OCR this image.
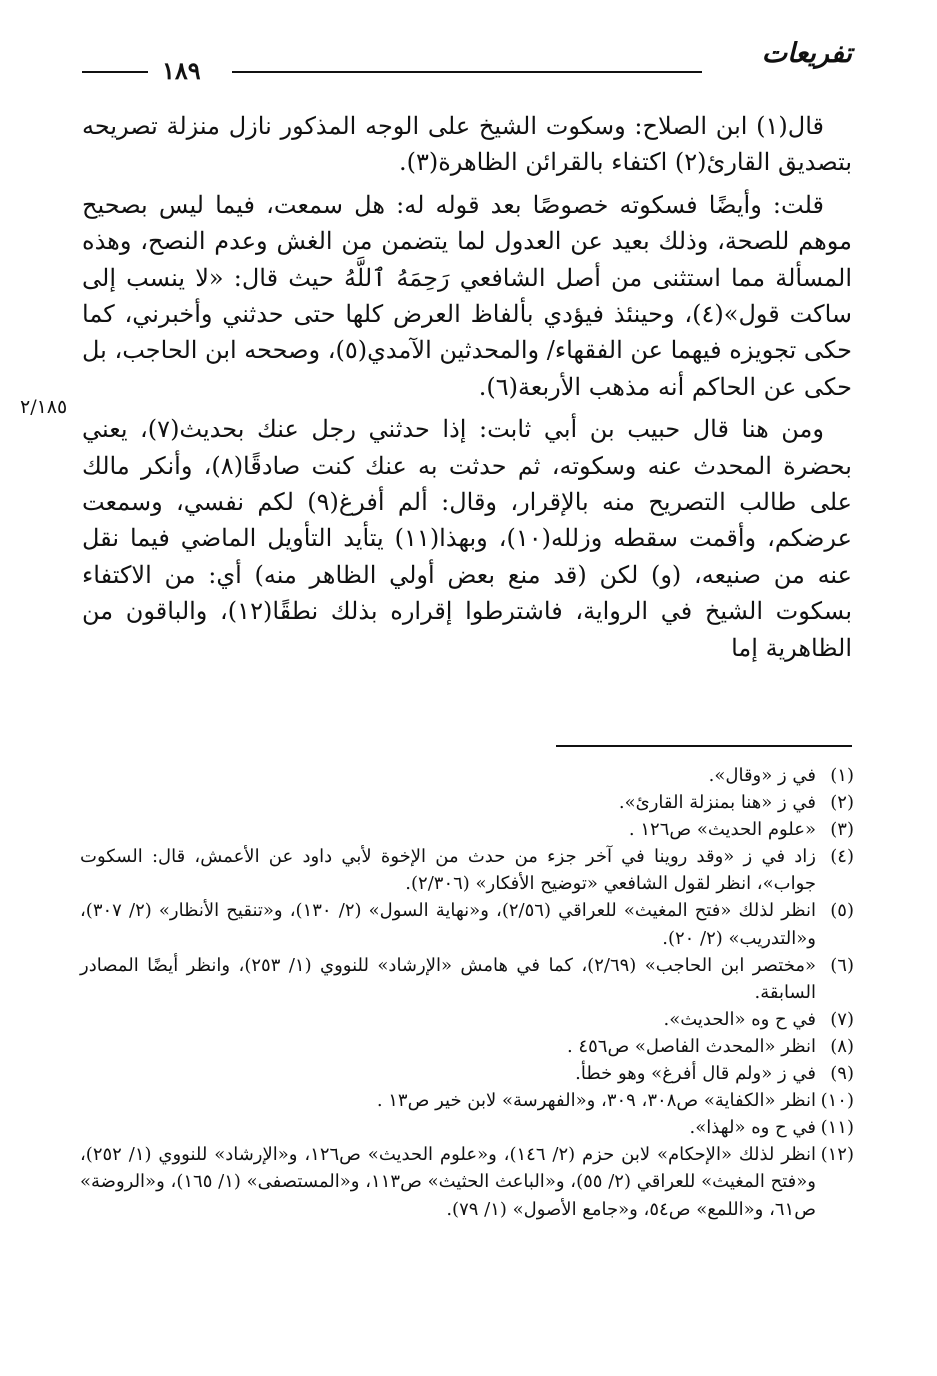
تفريعات
١٨٩

قال(١) ابن الصلاح: وسكوت الشيخ على الوجه المذكور نازل منزلة تصريحه بتصديق القارئ(٢) اكتفاء بالقرائن الظاهرة(٣).

قلت: وأيضًا فسكوته خصوصًا بعد قوله له: هل سمعت، فيما ليس بصحيح موهم للصحة، وذلك بعيد عن العدول لما يتضمن من الغش وعدم النصح، وهذه المسألة مما استثنى من أصل الشافعي رَحِمَهُ ٱللَّهُ حيث قال: «لا ينسب إلى ساكت قول»(٤)، وحينئذ فيؤدي بألفاظ العرض كلها حتى حدثني وأخبرني، كما حكى تجويزه فيهما عن الفقهاء/ والمحدثين الآمدي(٥)، وصححه ابن الحاجب، بل حكى عن الحاكم أنه مذهب الأربعة(٦).

ومن هنا قال حبيب بن أبي ثابت: إذا حدثني رجل عنك بحديث(٧)، يعني بحضرة المحدث عنه وسكوته، ثم حدثت به عنك كنت صادقًا(٨)، وأنكر مالك على طالب التصريح منه بالإقرار، وقال: ألم أفرغ(٩) لكم نفسي، وسمعت عرضكم، وأقمت سقطه وزلله(١٠)، وبهذا(١١) يتأيد التأويل الماضي فيما نقل عنه من صنيعه، (و) لكن (قد منع بعض أولي الظاهر منه) أي: من الاكتفاء بسكوت الشيخ في الرواية، فاشترطوا إقراره بذلك نطقًا(١٢)، والباقون من الظاهرية إما

٢/١٨٥
(١)في ز «وقال».
(٢)في ز «هنا بمنزلة القارئ».
(٣)«علوم الحديث» ص١٢٦ .
(٤)زاد في ز «وقد روينا في آخر جزء من حدث من الإخوة لأبي داود عن الأعمش، قال: السكوت جواب»، انظر لقول الشافعي «توضيح الأفكار» (٢/٣٠٦).
(٥)انظر لذلك «فتح المغيث» للعراقي (٢/٥٦)، و«نهاية السول» (٢/ ١٣٠)، و«تنقيح الأنظار» (٢/ ٣٠٧)، و«التدريب» (٢/ ٢٠).
(٦)«مختصر ابن الحاجب» (٢/٦٩)، كما في هامش «الإرشاد» للنووي (١/ ٢٥٣)، وانظر أيضًا المصادر السابقة.
(٧)في ح وه «الحديث».
(٨)انظر «المحدث الفاصل» ص٤٥٦ .
(٩)في ز «ولم قال أفرغ» وهو خطأ.
(١٠)انظر «الكفاية» ص٣٠٨، ٣٠٩، و«الفهرسة» لابن خير ص١٣ .
(١١)في ح وه «لهذا».
(١٢)انظر لذلك «الإحكام» لابن حزم (٢/ ١٤٦)، و«علوم الحديث» ص١٢٦، و«الإرشاد» للنووي (١/ ٢٥٢)، و«فتح المغيث» للعراقي (٢/ ٥٥)، و«الباعث الحثيث» ص١١٣، و«المستصفى» (١/ ١٦٥)، و«الروضة» ص٦١، و«اللمع» ص٥٤، و«جامع الأصول» (١/ ٧٩).
